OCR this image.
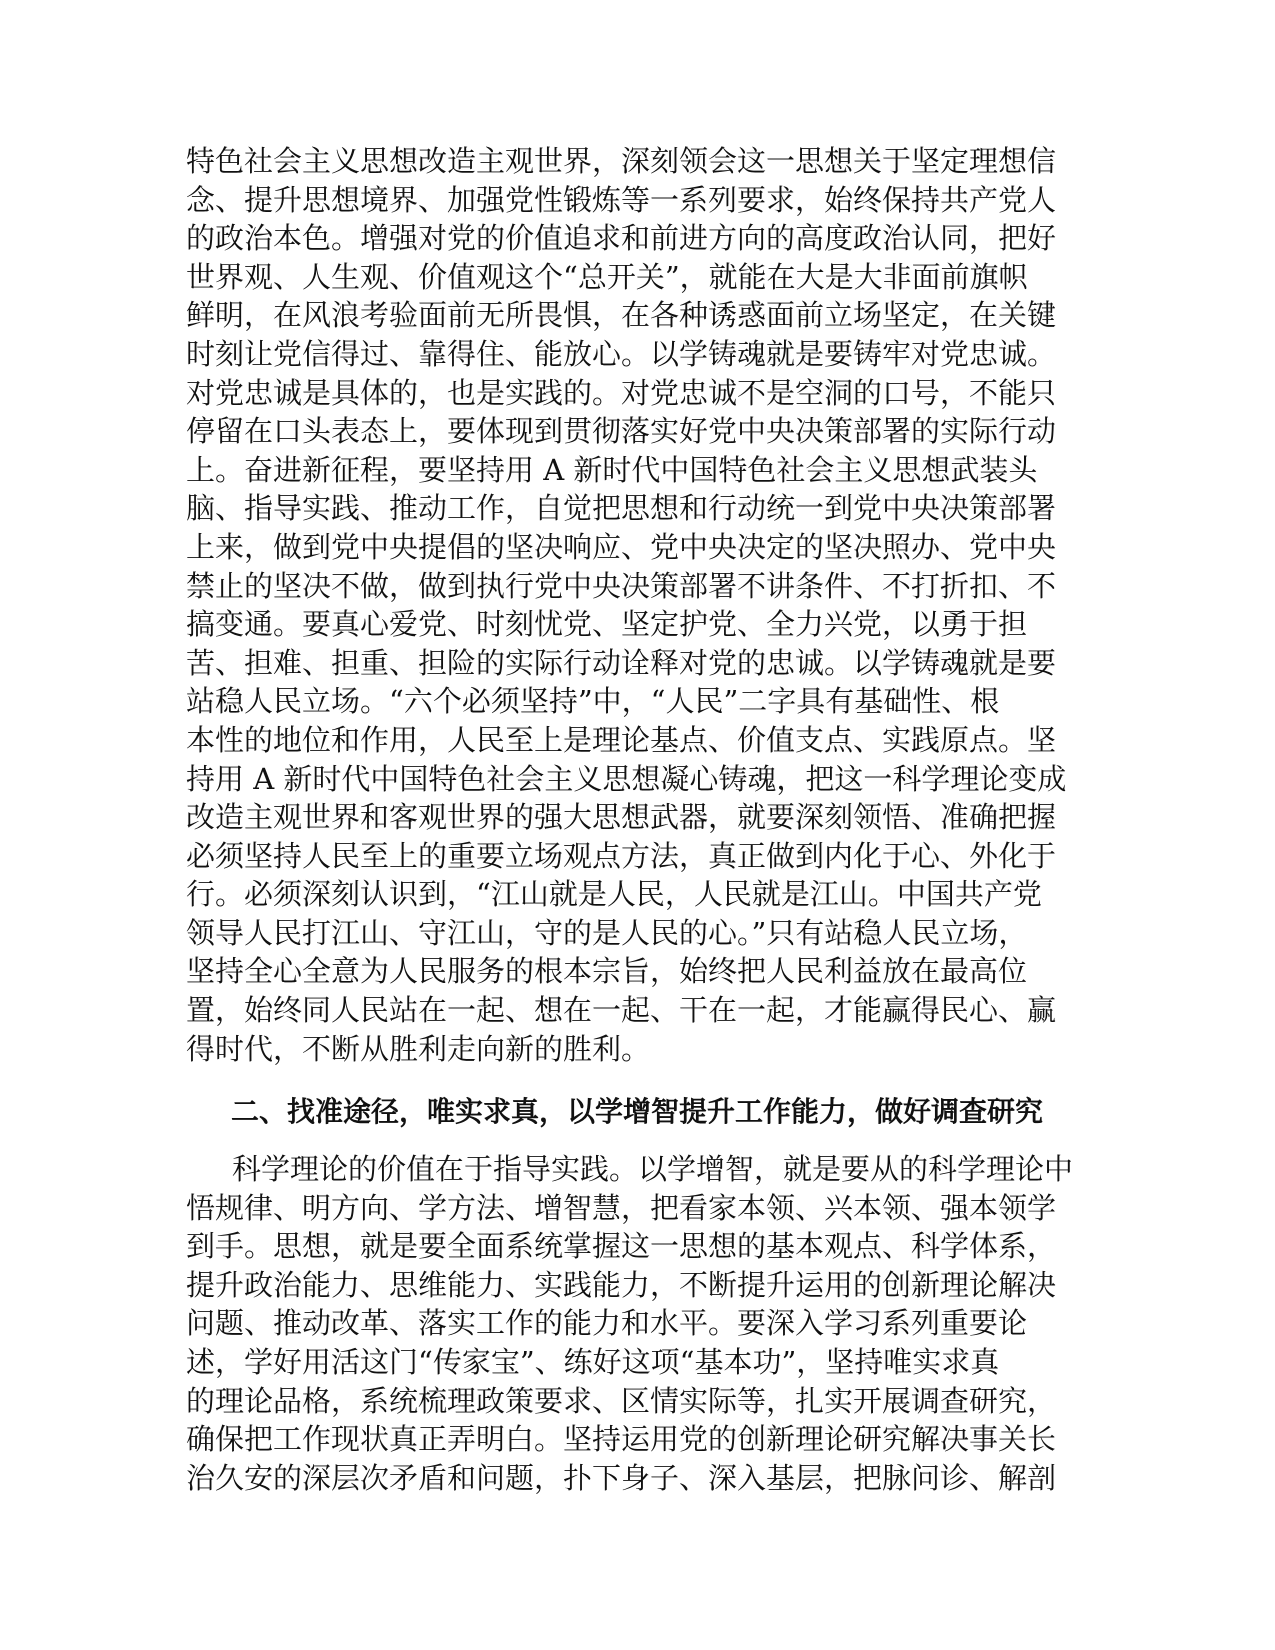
特色社会主义思想改造主观世界，深刻领会这一思想关于坚定理想信
念、提升思想境界、加强党性锻炼等一系列要求，始终保持共产党人
的政治本色。增强对党的价值追求和前进方向的高度政治认同，把好
世界观、人生观、价值观这个“总开关”，就能在大是大非面前旗帜
鲜明，在风浪考验面前无所畏惧，在各种诱惑面前立场坚定，在关键
时刻让党信得过、靠得住、能放心。以学铸魂就是要铸牢对党忠诚。
对党忠诚是具体的，也是实践的。对党忠诚不是空洞的口号，不能只
停留在口头表态上，要体现到贯彻落实好党中央决策部署的实际行动
上。奋进新征程，要坚持用 A 新时代中国特色社会主义思想武装头
脑、指导实践、推动工作，自觉把思想和行动统一到党中央决策部署
上来，做到党中央提倡的坚决响应、党中央决定的坚决照办、党中央
禁止的坚决不做，做到执行党中央决策部署不讲条件、不打折扣、不
搞变通。要真心爱党、时刻忧党、坚定护党、全力兴党，以勇于担
苦、担难、担重、担险的实际行动诠释对党的忠诚。以学铸魂就是要
站稳人民立场。“六个必须坚持”中，“人民”二字具有基础性、根
本性的地位和作用，人民至上是理论基点、价值支点、实践原点。坚
持用 A 新时代中国特色社会主义思想凝心铸魂，把这一科学理论变成
改造主观世界和客观世界的强大思想武器，就要深刻领悟、准确把握
必须坚持人民至上的重要立场观点方法，真正做到内化于心、外化于
行。必须深刻认识到，“江山就是人民，人民就是江山。中国共产党
领导人民打江山、守江山，守的是人民的心。”只有站稳人民立场，
坚持全心全意为人民服务的根本宗旨，始终把人民利益放在最高位
置，始终同人民站在一起、想在一起、干在一起，才能赢得民心、赢
得时代，不断从胜利走向新的胜利。
二、找准途径，唯实求真，以学增智提升工作能力，做好调查研究
科学理论的价值在于指导实践。以学增智，就是要从的科学理论中
悟规律、明方向、学方法、增智慧，把看家本领、兴本领、强本领学
到手。思想，就是要全面系统掌握这一思想的基本观点、科学体系，
提升政治能力、思维能力、实践能力，不断提升运用的创新理论解决
问题、推动改革、落实工作的能力和水平。要深入学习系列重要论
述，学好用活这门“传家宝”、练好这项“基本功”，坚持唯实求真
的理论品格，系统梳理政策要求、区情实际等，扎实开展调查研究，
确保把工作现状真正弄明白。坚持运用党的创新理论研究解决事关长
治久安的深层次矛盾和问题，扑下身子、深入基层，把脉问诊、解剖
